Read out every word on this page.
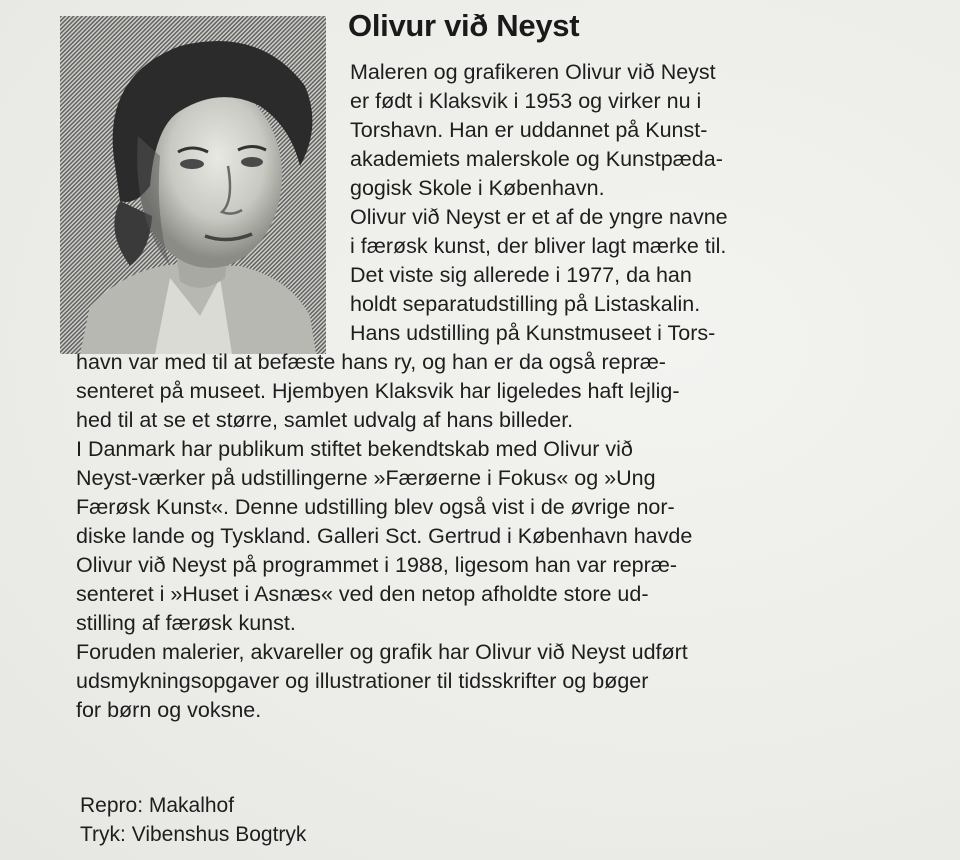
Olivur við Neyst
Maleren og grafikeren Olivur við Neyst
er født i Klaksvik i 1953 og virker nu i
Torshavn. Han er uddannet på Kunst-
akademiets malerskole og Kunstpæda-
gogisk Skole i København.
Olivur við Neyst er et af de yngre navne
i færøsk kunst, der bliver lagt mærke til.
Det viste sig allerede i 1977, da han
holdt separatudstilling på Listaskalin.
Hans udstilling på Kunstmuseet i Tors-
havn var med til at befæste hans ry, og han er da også repræ-
senteret på museet. Hjembyen Klaksvik har ligeledes haft lejlig-
hed til at se et større, samlet udvalg af hans billeder.
I Danmark har publikum stiftet bekendtskab med Olivur við
Neyst-værker på udstillingerne »Færøerne i Fokus« og »Ung
Færøsk Kunst«. Denne udstilling blev også vist i de øvrige nor-
diske lande og Tyskland. Galleri Sct. Gertrud i København havde
Olivur við Neyst på programmet i 1988, ligesom han var repræ-
senteret i »Huset i Asnæs« ved den netop afholdte store ud-
stilling af færøsk kunst.
Foruden malerier, akvareller og grafik har Olivur við Neyst udført
udsmykningsopgaver og illustrationer til tidsskrifter og bøger
for børn og voksne.
Repro: Makalhof
Tryk: Vibenshus Bogtryk
